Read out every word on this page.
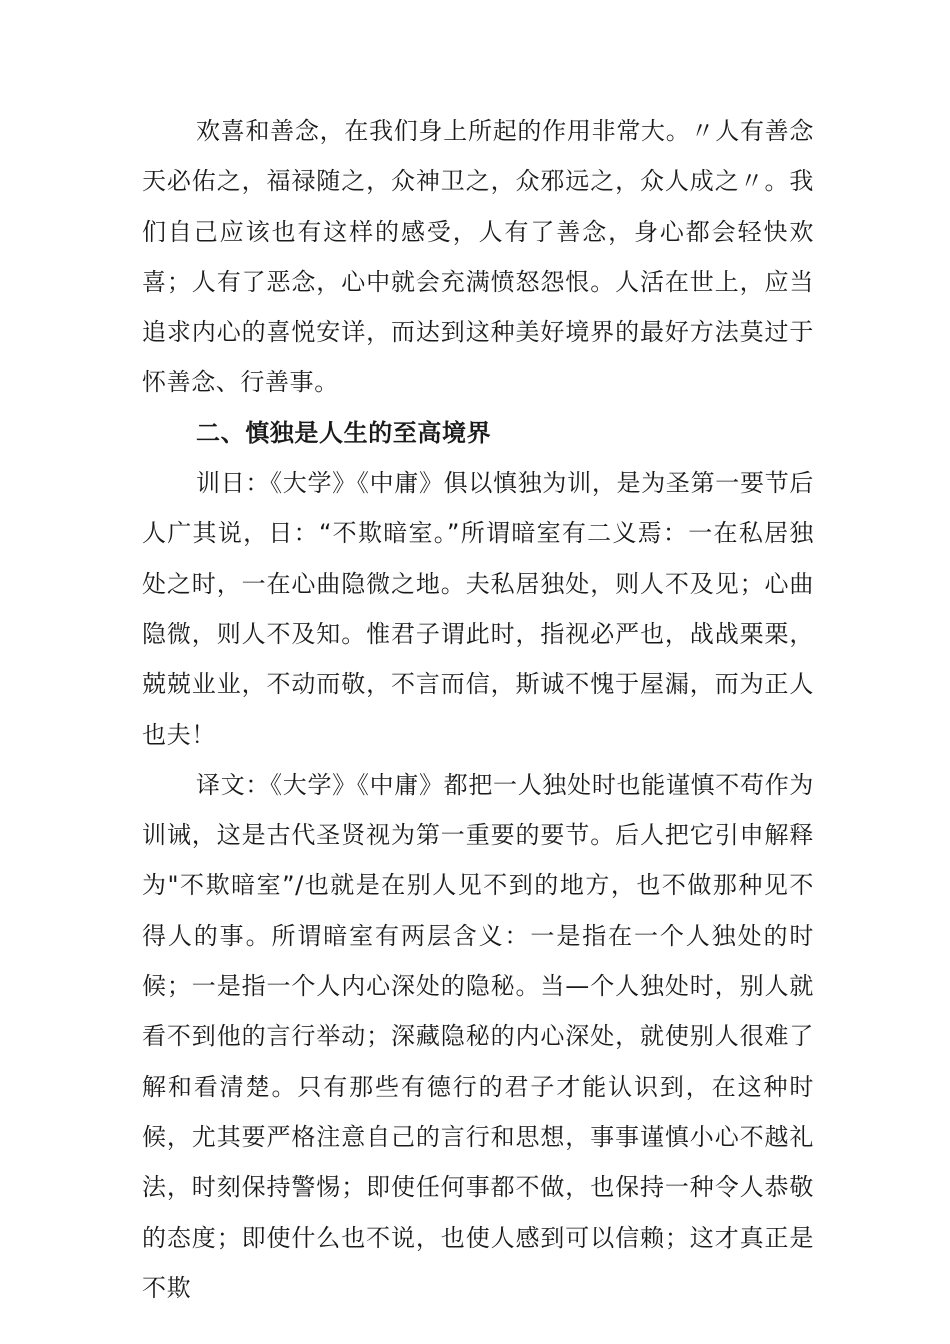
欢喜和善念，在我们身上所起的作用非常大。〃人有善念天必佑之，福禄随之，众神卫之，众邪远之，众人成之〃。我们自己应该也有这样的感受，人有了善念，身心都会轻快欢喜；人有了恶念，心中就会充满愤怒怨恨。人活在世上，应当追求内心的喜悦安详，而达到这种美好境界的最好方法莫过于怀善念、行善事。

二、慎独是人生的至高境界

训日：《大学》《中庸》俱以慎独为训，是为圣第一要节后人广其说，日：“不欺暗室。”所谓暗室有二义焉：一在私居独处之时，一在心曲隐微之地。夫私居独处，则人不及见；心曲隐微，则人不及知。惟君子谓此时，指视必严也，战战栗栗，兢兢业业，不动而敬，不言而信，斯诚不愧于屋漏，而为正人也夫！

译文：《大学》《中庸》都把一人独处时也能谨慎不苟作为训诫，这是古代圣贤视为第一重要的要节。后人把它引申解释为"不欺暗室”/也就是在别人见不到的地方，也不做那种见不得人的事。所谓暗室有两层含义：一是指在一个人独处的时候；一是指一个人内心深处的隐秘。当—个人独处时，别人就看不到他的言行举动；深藏隐秘的内心深处，就使别人很难了解和看清楚。只有那些有德行的君子才能认识到，在这种时候，尤其要严格注意自己的言行和思想，事事谨慎小心不越礼法，时刻保持警惕；即使任何事都不做，也保持一种令人恭敬的态度；即使什么也不说，也使人感到可以信赖；这才真正是不欺
